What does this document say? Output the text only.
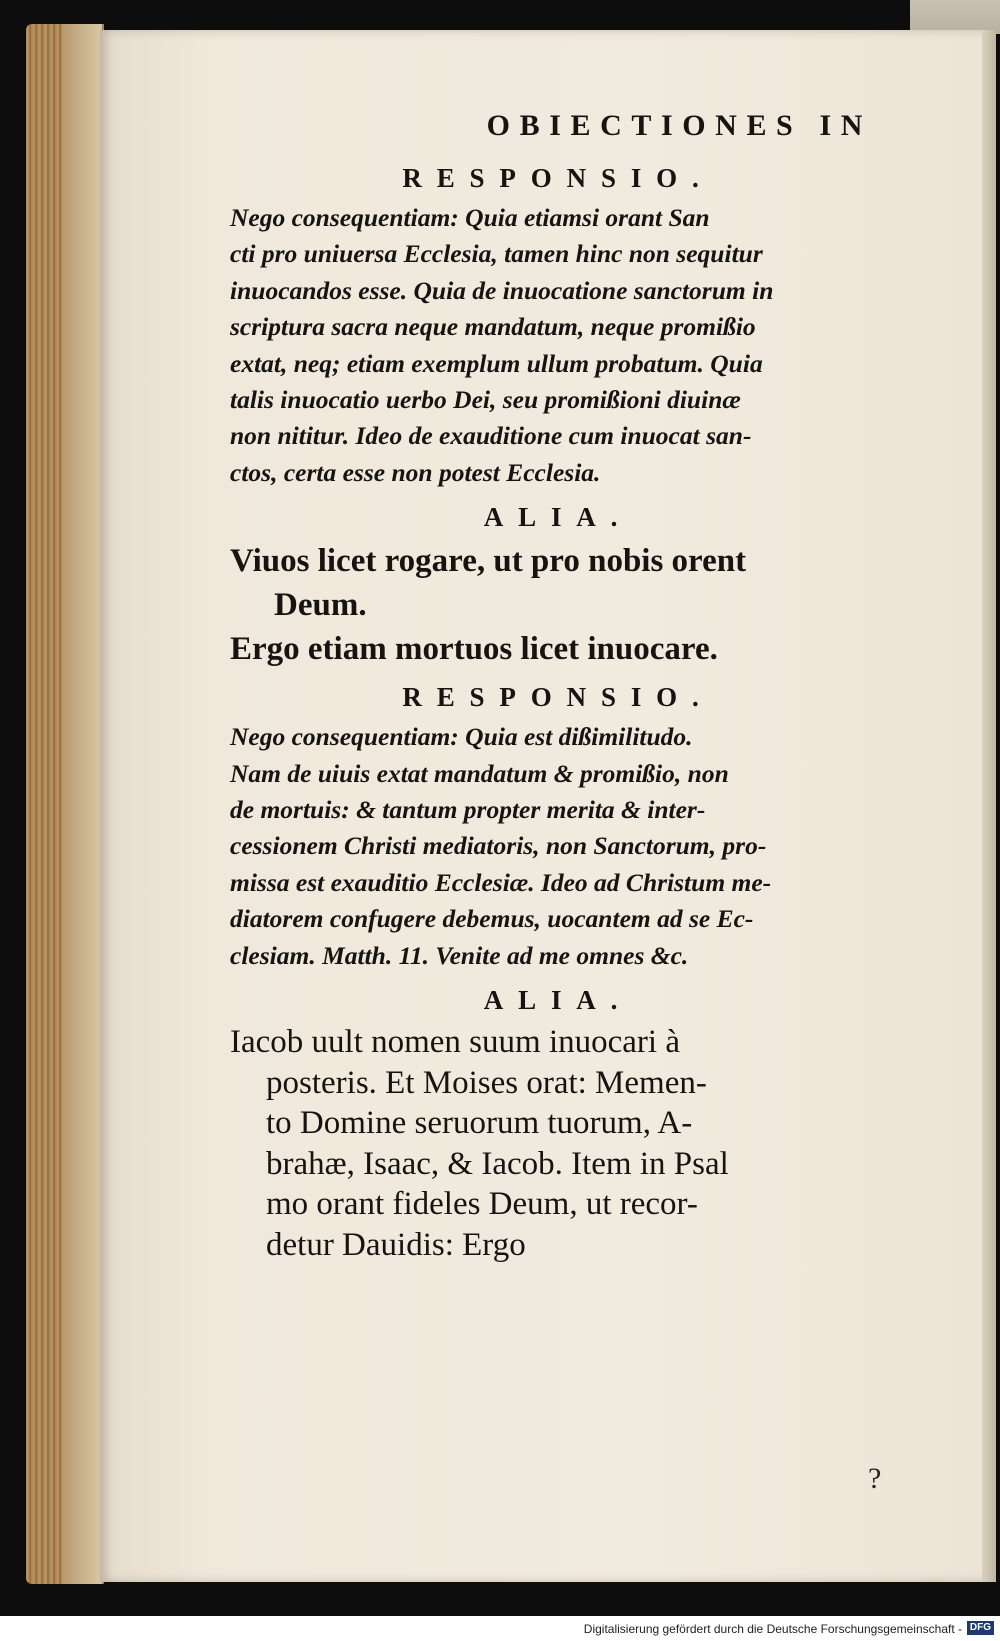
OBIECTIONES IN
RESPONSIO.
Nego consequentiam: Quia etiamsi orant San
cti pro uniuersa Ecclesia, tamen hinc non sequitur
inuocandos esse. Quia de inuocatione sanctorum in
scriptura sacra neque mandatum, neque promißio
extat, neq; etiam exemplum ullum probatum. Quia
talis inuocatio uerbo Dei, seu promißioni diuinæ
non nititur. Ideo de exauditione cum inuocat san-
ctos, certa esse non potest Ecclesia.
ALIA.
Viuos licet rogare, ut pro nobis orent
Deum.
Ergo etiam mortuos licet inuocare.
RESPONSIO.
Nego consequentiam: Quia est dißimilitudo.
Nam de uiuis extat mandatum & promißio, non
de mortuis: & tantum propter merita & inter-
cessionem Christi mediatoris, non Sanctorum, pro-
missa est exauditio Ecclesiæ. Ideo ad Christum me-
diatorem confugere debemus, uocantem ad se Ec-
clesiam. Matth. 11. Venite ad me omnes &c.
ALIA.
Iacob uult nomen suum inuocari à
posteris. Et Moises orat: Memen-
to Domine seruorum tuorum, A-
brahæ, Isaac, & Iacob. Item in Psal
mo orant fideles Deum, ut recor-
detur Dauidis: Ergo
?
Digitalisierung gefördert durch die Deutsche Forschungsgemeinschaft - DFG
